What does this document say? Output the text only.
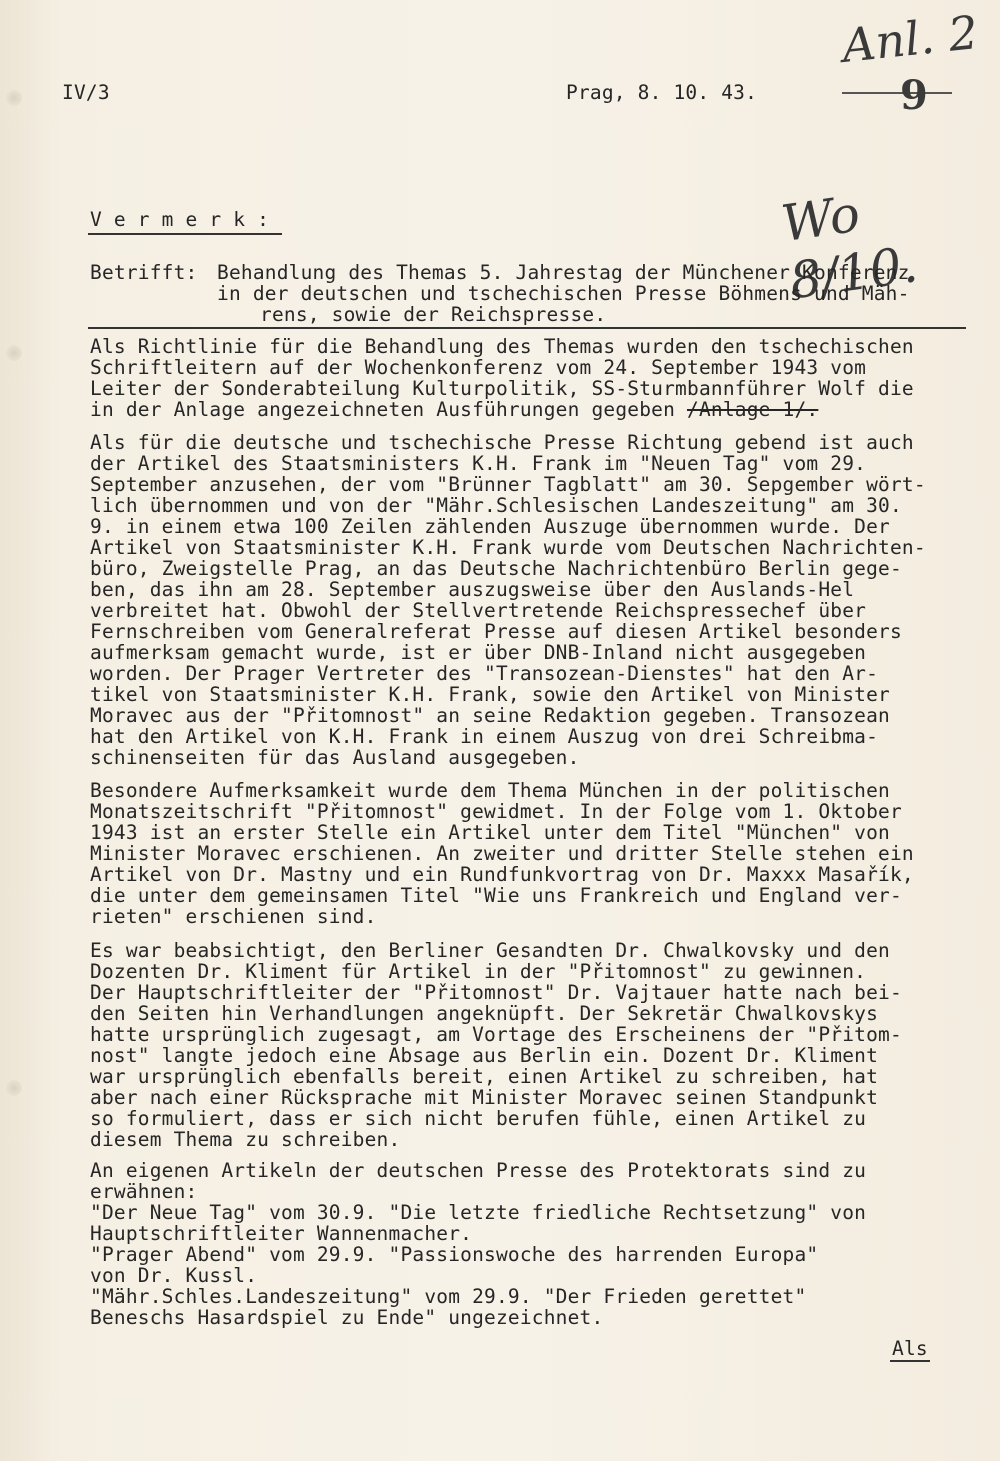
IV/3	Prag, 8. 10. 43.
Anl. 2
9
Wo 8/10.
V e r m e r k :
Betrifft: Behandlung des Themas 5. Jahrestag der Münchener Konferenz
in der deutschen und tschechischen Presse Böhmens und Mäh-
rens, sowie der Reichspresse.
Als Richtlinie für die Behandlung des Themas wurden den tschechischen
Schriftleitern auf der Wochenkonferenz vom 24. September 1943 vom
Leiter der Sonderabteilung Kulturpolitik, SS-Sturmbannführer Wolf die
in der Anlage angezeichneten Ausführungen gegeben /Anlage 1/.
Als für die deutsche und tschechische Presse Richtung gebend ist auch
der Artikel des Staatsministers K.H. Frank im "Neuen Tag" vom 29.
September anzusehen, der vom "Brünner Tagblatt" am 30. Sepgember wört-
lich übernommen und von der "Mähr.Schlesischen Landeszeitung" am 30.
9. in einem etwa 100 Zeilen zählenden Auszuge übernommen wurde. Der
Artikel von Staatsminister K.H. Frank wurde vom Deutschen Nachrichten-
büro, Zweigstelle Prag, an das Deutsche Nachrichtenbüro Berlin gege-
ben, das ihn am 28. September auszugsweise über den Auslands-Hel
verbreitet hat. Obwohl der Stellvertretende Reichspressechef über
Fernschreiben vom Generalreferat Presse auf diesen Artikel besonders
aufmerksam gemacht wurde, ist er über DNB-Inland nicht ausgegeben
worden. Der Prager Vertreter des "Transozean-Dienstes" hat den Ar-
tikel von Staatsminister K.H. Frank, sowie den Artikel von Minister
Moravec aus der "Přitomnost" an seine Redaktion gegeben. Transozean
hat den Artikel von K.H. Frank in einem Auszug von drei Schreibma-
schinenseiten für das Ausland ausgegeben.
Besondere Aufmerksamkeit wurde dem Thema München in der politischen
Monatszeitschrift "Přitomnost" gewidmet. In der Folge vom 1. Oktober
1943 ist an erster Stelle ein Artikel unter dem Titel "München" von
Minister Moravec erschienen. An zweiter und dritter Stelle stehen ein
Artikel von Dr. Mastny und ein Rundfunkvortrag von Dr. Maxxx Masařík,
die unter dem gemeinsamen Titel "Wie uns Frankreich und England ver-
rieten" erschienen sind.
Es war beabsichtigt, den Berliner Gesandten Dr. Chwalkovsky und den
Dozenten Dr. Kliment für Artikel in der "Přitomnost" zu gewinnen.
Der Hauptschriftleiter der "Přitomnost" Dr. Vajtauer hatte nach bei-
den Seiten hin Verhandlungen angeknüpft. Der Sekretär Chwalkovskys
hatte ursprünglich zugesagt, am Vortage des Erscheinens der "Přitom-
nost" langte jedoch eine Absage aus Berlin ein. Dozent Dr. Kliment
war ursprünglich ebenfalls bereit, einen Artikel zu schreiben, hat
aber nach einer Rücksprache mit Minister Moravec seinen Standpunkt
so formuliert, dass er sich nicht berufen fühle, einen Artikel zu
diesem Thema zu schreiben.
An eigenen Artikeln der deutschen Presse des Protektorats sind zu
erwähnen:
"Der Neue Tag" vom 30.9. "Die letzte friedliche Rechtsetzung" von
Hauptschriftleiter Wannenmacher.
"Prager Abend" vom 29.9. "Passionswoche des harrenden Europa"
von Dr. Kussl.
"Mähr.Schles.Landeszeitung" vom 29.9. "Der Frieden gerettet"
Beneschs Hasardspiel zu Ende" ungezeichnet.
Als
